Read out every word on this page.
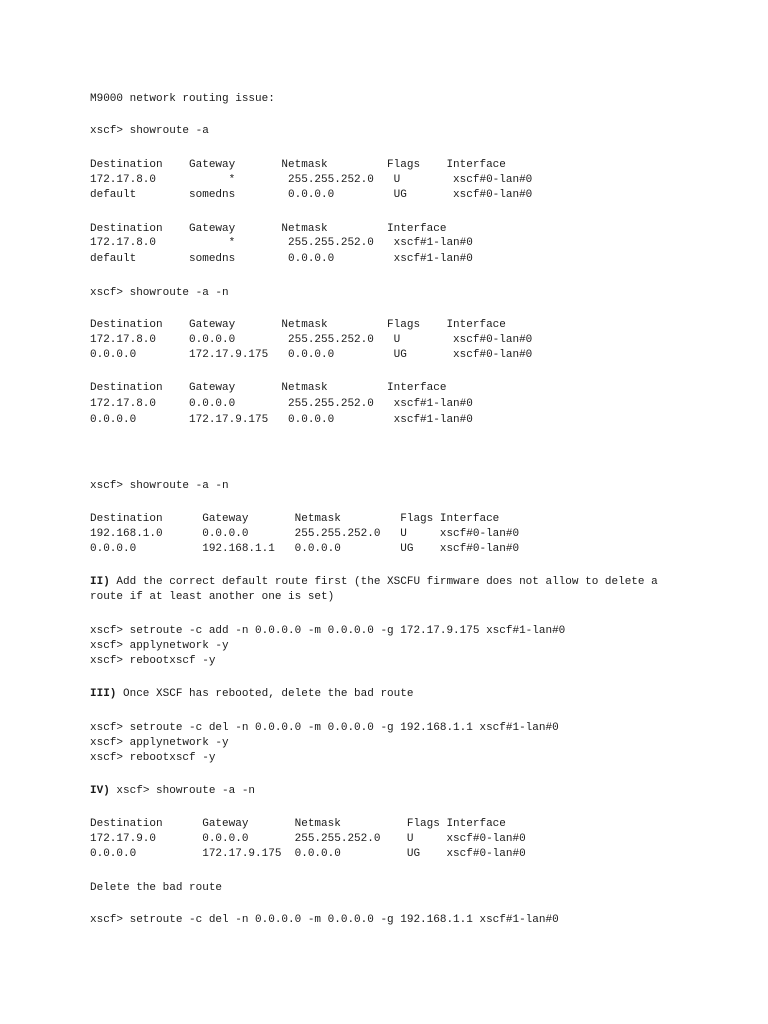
M9000 network routing issue:
xscf> showroute -a
Destination    Gateway       Netmask         Flags    Interface
172.17.8.0           *        255.255.252.0   U        xscf#0-lan#0
default        somedns        0.0.0.0         UG       xscf#0-lan#0
Destination    Gateway       Netmask         Interface
172.17.8.0           *        255.255.252.0   xscf#1-lan#0
default        somedns        0.0.0.0         xscf#1-lan#0
xscf> showroute -a -n
Destination    Gateway       Netmask         Flags    Interface
172.17.8.0     0.0.0.0        255.255.252.0   U        xscf#0-lan#0
0.0.0.0        172.17.9.175   0.0.0.0         UG       xscf#0-lan#0
Destination    Gateway       Netmask         Interface
172.17.8.0     0.0.0.0        255.255.252.0   xscf#1-lan#0
0.0.0.0        172.17.9.175   0.0.0.0         xscf#1-lan#0
xscf> showroute -a -n
Destination      Gateway       Netmask         Flags Interface
192.168.1.0      0.0.0.0       255.255.252.0   U     xscf#0-lan#0
0.0.0.0          192.168.1.1   0.0.0.0         UG    xscf#0-lan#0
II) Add the correct default route first (the XSCFU firmware does not allow to delete a
route if at least another one is set)
xscf> setroute -c add -n 0.0.0.0 -m 0.0.0.0 -g 172.17.9.175 xscf#1-lan#0
xscf> applynetwork -y
xscf> rebootxscf -y
III) Once XSCF has rebooted, delete the bad route
xscf> setroute -c del -n 0.0.0.0 -m 0.0.0.0 -g 192.168.1.1 xscf#1-lan#0
xscf> applynetwork -y
xscf> rebootxscf -y
IV) xscf> showroute -a -n
Destination      Gateway       Netmask          Flags Interface
172.17.9.0       0.0.0.0       255.255.252.0    U     xscf#0-lan#0
0.0.0.0          172.17.9.175  0.0.0.0          UG    xscf#0-lan#0
Delete the bad route
xscf> setroute -c del -n 0.0.0.0 -m 0.0.0.0 -g 192.168.1.1 xscf#1-lan#0
